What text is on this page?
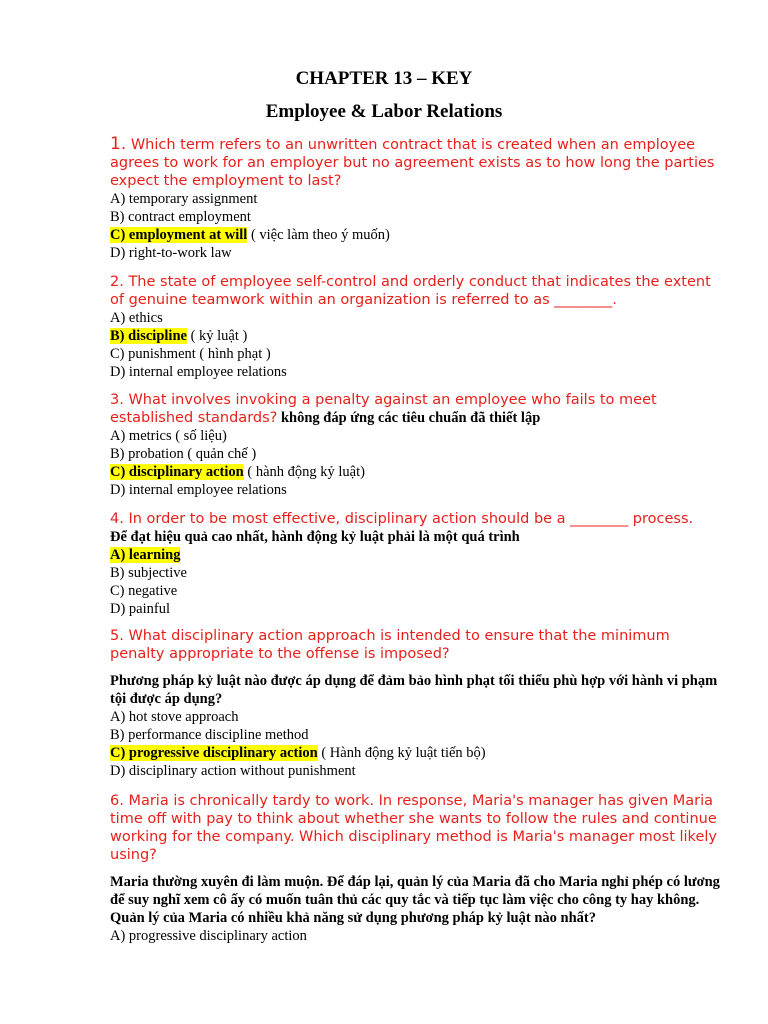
CHAPTER 13 – KEY
Employee & Labor Relations
1. Which term refers to an unwritten contract that is created when an employee agrees to work for an employer but no agreement exists as to how long the parties expect the employment to last?
A) temporary assignment
B) contract employment
C) employment at will ( việc làm theo ý muốn)
D) right-to-work law
2. The state of employee self-control and orderly conduct that indicates the extent of genuine teamwork within an organization is referred to as ________.
A) ethics
B) discipline ( kỷ luật )
C) punishment ( hình phạt )
D) internal employee relations
3. What involves invoking a penalty against an employee who fails to meet established standards? không đáp ứng các tiêu chuẩn đã thiết lập
A) metrics ( số liệu)
B) probation ( quản chế )
C) disciplinary action ( hành động kỷ luật)
D) internal employee relations
4. In order to be most effective, disciplinary action should be a ________ process.
Để đạt hiệu quả cao nhất, hành động kỷ luật phải là một quá trình
A) learning
B) subjective
C) negative
D) painful
5. What disciplinary action approach is intended to ensure that the minimum penalty appropriate to the offense is imposed?
Phương pháp kỷ luật nào được áp dụng để đảm bảo hình phạt tối thiểu phù hợp với hành vi phạm tội được áp dụng?
A) hot stove approach
B) performance discipline method
C) progressive disciplinary action ( Hành động kỷ luật tiến bộ)
D) disciplinary action without punishment
6. Maria is chronically tardy to work. In response, Maria's manager has given Maria time off with pay to think about whether she wants to follow the rules and continue working for the company. Which disciplinary method is Maria's manager most likely using?
Maria thường xuyên đi làm muộn. Để đáp lại, quản lý của Maria đã cho Maria nghỉ phép có lương để suy nghĩ xem cô ấy có muốn tuân thủ các quy tắc và tiếp tục làm việc cho công ty hay không. Quản lý của Maria có nhiều khả năng sử dụng phương pháp kỷ luật nào nhất?
A) progressive disciplinary action
